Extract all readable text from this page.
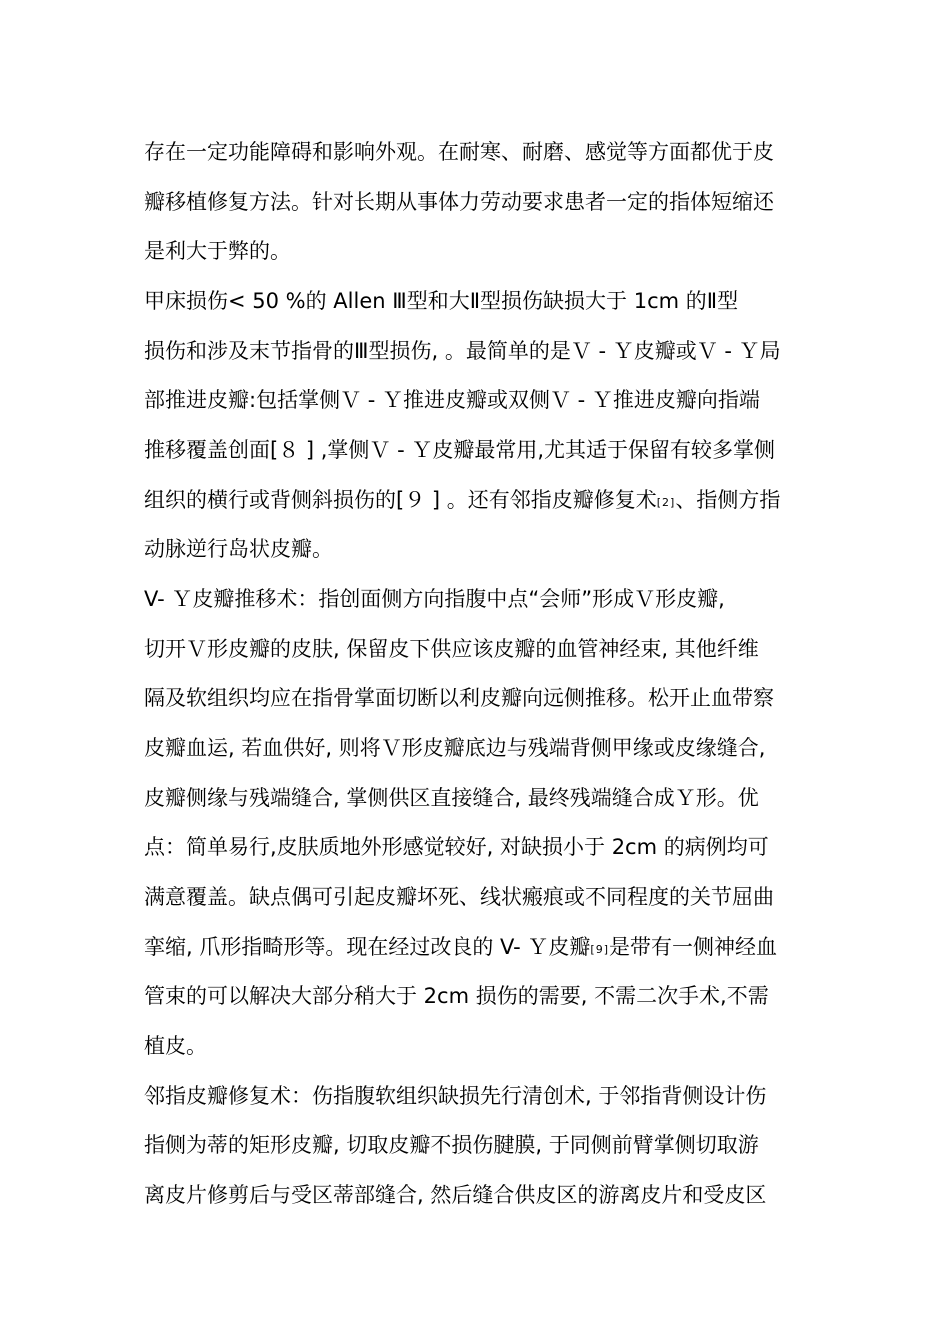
存在一定功能障碍和影响外观。在耐寒、耐磨、感觉等方面都优于皮
瓣移植修复方法。针对长期从事体力劳动要求患者一定的指体短缩还
是利大于弊的。
甲床损伤< 50 %的 Allen Ⅲ型和大Ⅱ型损伤缺损大于 1cm 的Ⅱ型
损伤和涉及末节指骨的Ⅲ型损伤, 。最简单的是Ｖ - Ｙ皮瓣或Ｖ - Ｙ局
部推进皮瓣:包括掌侧Ｖ - Ｙ推进皮瓣或双侧Ｖ - Ｙ推进皮瓣向指端
推移覆盖创面[８ ] ,掌侧Ｖ - Ｙ皮瓣最常用,尤其适于保留有较多掌侧
组织的横行或背侧斜损伤的[９ ] 。还有邻指皮瓣修复术[2]、指侧方指
动脉逆行岛状皮瓣。
V- Ｙ皮瓣推移术：指创面侧方向指腹中点“会师”形成Ｖ形皮瓣,
切开Ｖ形皮瓣的皮肤, 保留皮下供应该皮瓣的血管神经束, 其他纤维
隔及软组织均应在指骨掌面切断以利皮瓣向远侧推移。松开止血带察
皮瓣血运, 若血供好, 则将Ｖ形皮瓣底边与残端背侧甲缘或皮缘缝合,
皮瓣侧缘与残端缝合, 掌侧供区直接缝合, 最终残端缝合成Ｙ形。优
点：简单易行,皮肤质地外形感觉较好, 对缺损小于 2cm 的病例均可
满意覆盖。缺点偶可引起皮瓣坏死、线状瘢痕或不同程度的关节屈曲
挛缩, 爪形指畸形等。现在经过改良的 V- Ｙ皮瓣[9]是带有一侧神经血
管束的可以解决大部分稍大于 2cm 损伤的需要, 不需二次手术,不需
植皮。
邻指皮瓣修复术：伤指腹软组织缺损先行清创术, 于邻指背侧设计伤
指侧为蒂的矩形皮瓣, 切取皮瓣不损伤腱膜, 于同侧前臂掌侧切取游
离皮片修剪后与受区蒂部缝合, 然后缝合供皮区的游离皮片和受皮区
